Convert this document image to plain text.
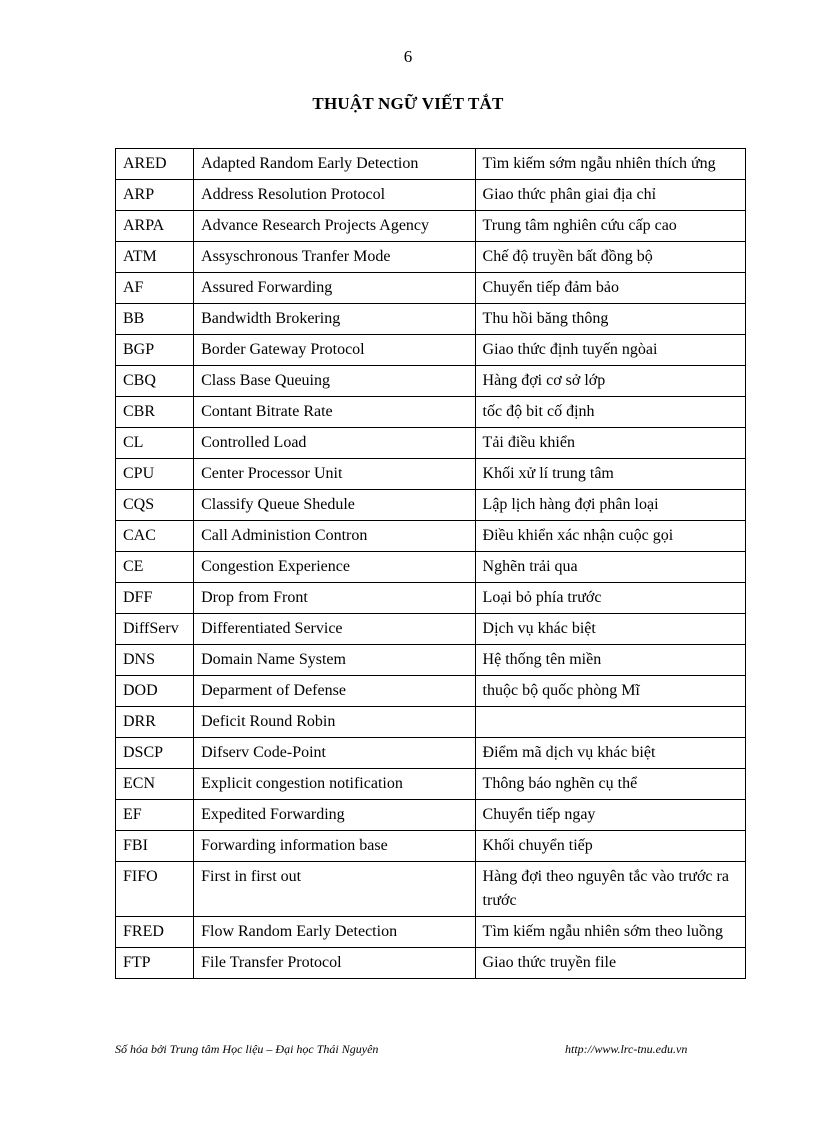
6
THUẬT NGỮ VIẾT TẮT
ARED	Adapted Random Early Detection	Tìm kiếm sớm ngẫu nhiên thích ứng
ARP	Address Resolution Protocol	Giao thức phân giai địa chỉ
ARPA	Advance Research Projects Agency	Trung tâm nghiên cứu cấp cao
ATM	Assyschronous Tranfer Mode	Chế độ truyền bất đồng bộ
AF	Assured Forwarding	Chuyển tiếp đảm bảo
BB	Bandwidth Brokering	Thu hồi băng thông
BGP	Border Gateway Protocol	Giao thức định tuyến ngòai
CBQ	Class Base Queuing	Hàng đợi cơ sở lớp
CBR	Contant Bitrate Rate	tốc độ bit cố định
CL	Controlled Load	Tải điều khiển
CPU	Center Processor Unit	Khối xử lí trung tâm
CQS	Classify Queue Shedule	Lập lịch hàng đợi phân loại
CAC	Call Administion Contron	Điều khiển xác nhận cuộc gọi
CE	Congestion Experience	Nghẽn trải qua
DFF	Drop from Front	Loại bỏ phía trước
DiffServ	Differentiated Service	Dịch vụ khác biệt
DNS	Domain Name System	Hệ thống tên miền
DOD	Deparment of Defense	thuộc bộ quốc phòng Mĩ
DRR	Deficit Round Robin	
DSCP	Difserv Code-Point	Điểm mã dịch vụ khác biệt
ECN	Explicit congestion notification	Thông báo nghẽn cụ thể
EF	Expedited Forwarding	Chuyển tiếp ngay
FBI	Forwarding information base	Khối chuyển tiếp
FIFO	First in first out	Hàng đợi theo nguyên tắc vào trước ra trước
FRED	Flow Random Early Detection	Tìm kiếm ngẫu nhiên sớm theo luồng
FTP	File Transfer Protocol	Giao thức truyền file
Số hóa bởi Trung tâm Học liệu – Đại học Thái Nguyên	http://www.lrc-tnu.edu.vn
